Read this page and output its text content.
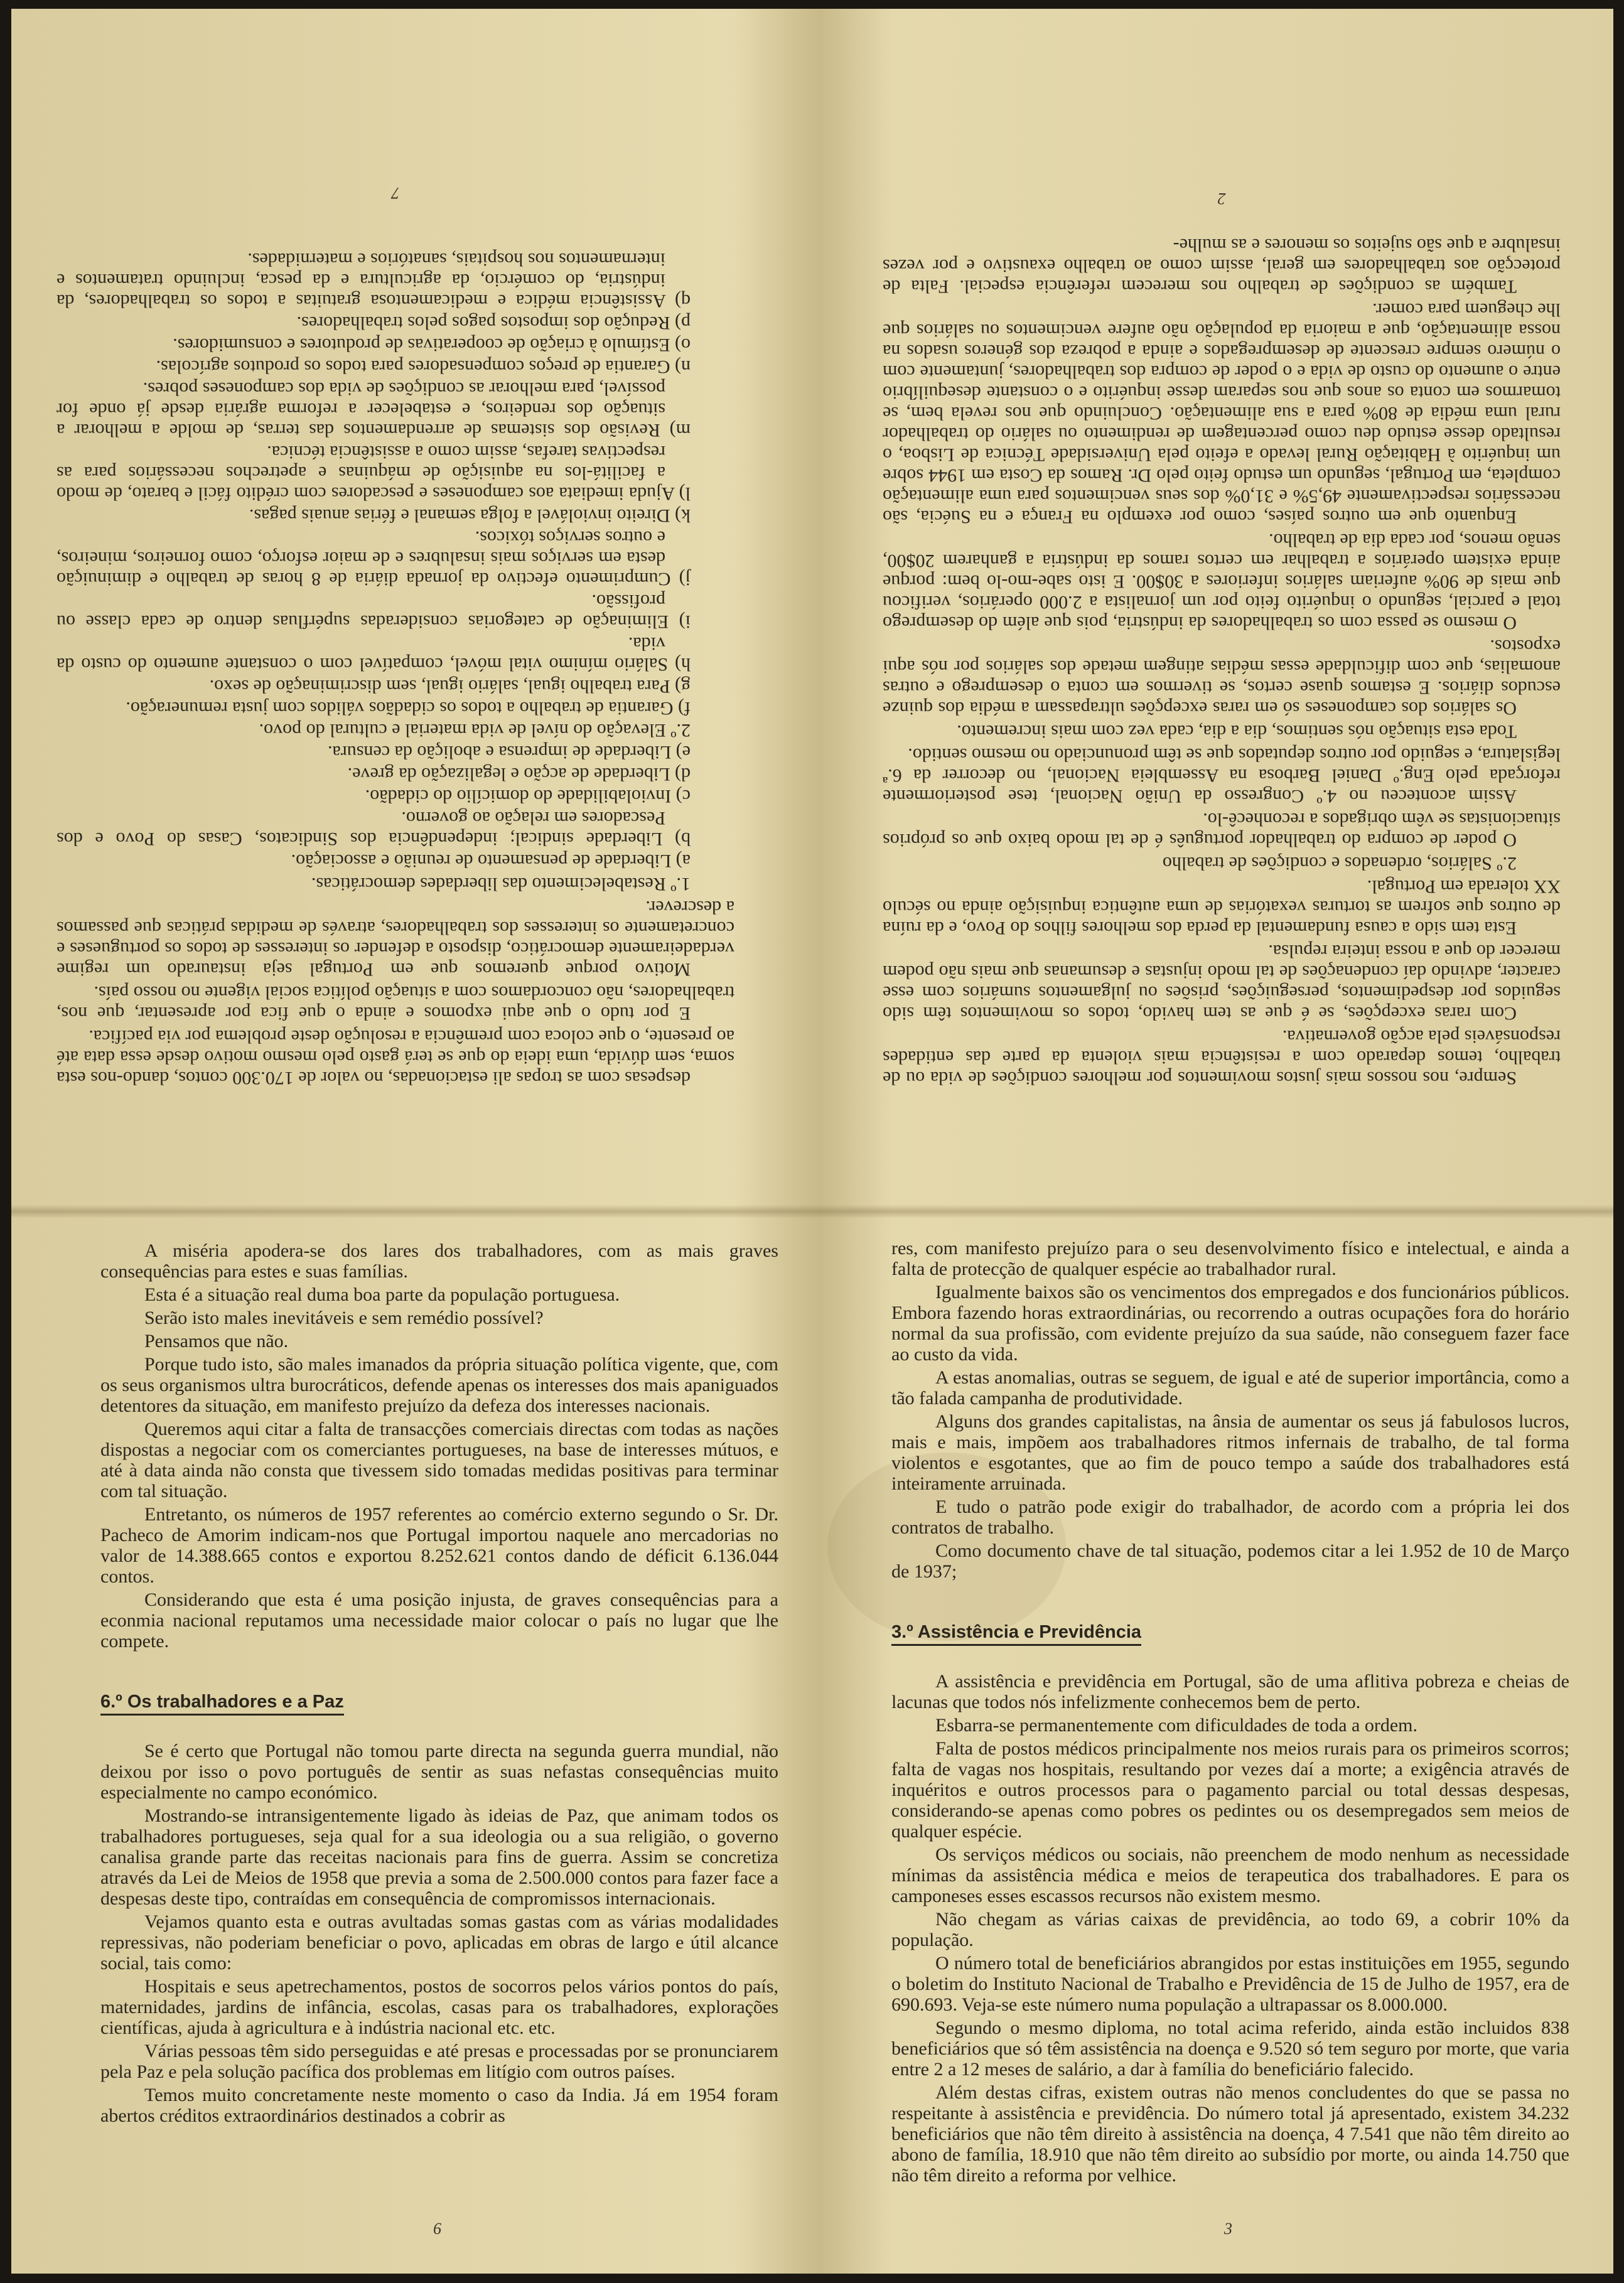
despesas com as tropas ali estacionadas, no valor de 170.300 contos, dando-nos esta soma, sem dúvida, uma ideia do que se terá gasto pelo mesmo motivo desde essa data até ao presente, o que coloca com premência a resolução deste problema por via pacífica.

E por tudo o que aqui expomos e ainda o que fica por apresentar, que nos, trabalhadores, não concordamos com a situação política social vigente no nosso país.

Motivo porque queremos que em Portugal seja instaurado um regime verdadeiramente democrático, disposto a defender os interesses de todos os portugueses e concretamente os interesses dos trabalhadores, através de medidas práticas que passamos a descrever.

1.º Restabelecimento das liberdades democráticas.

a) Liberdade de pensamento de reunião e associação.
b) Liberdade sindical; independência dos Sindicatos, Casas do Povo e dos Pescadores em relação ao governo.
c) Inviolabilidade do domicílio do cidadão.
d) Liberdade de acção e legalização da greve.
e) Liberdade de imprensa e abolição da censura.
2.º Elevação do nível de vida material e cultural do povo.
f) Garantia de trabalho a todos os cidadãos válidos com justa remuneração.
g) Para trabalho igual, salário igual, sem discriminação de sexo.
h) Salário mínimo vital móvel, compatível com o constante aumento do custo da vida.
i) Eliminação de categorias consideradas supérfluas dentro de cada classe ou profissão.
j) Cumprimento efectivo da jornada diária de 8 horas de trabalho e diminuição desta em serviços mais insalubres e de maior esforço, como forneiros, mineiros, e outros serviços tóxicos.
k) Direito inviolável a folga semanal e férias anuais pagas.
l) Ajuda imediata aos camponeses e pescadores com crédito fácil e barato, de modo a facilitá-los na aquisição de máquinas e apetrechos necessários para as respectivas tarefas, assim como a assistência técnica.
m) Revisão dos sistemas de arrendamentos das terras, de molde a melhorar a situação dos rendeiros, e estabelecer a reforma agrária desde já onde for possível, para melhorar as condições de vida dos camponeses pobres.
n) Garantia de preços compensadores para todos os produtos agrícolas.
o) Estímulo à criação de cooperativas de produtores e consumidores.
p) Redução dos impostos pagos pelos trabalhadores.
q) Assistência médica e medicamentosa gratuitas a todos os trabalhadores, da indústria, do comércio, da agricultura e da pesca, incluindo tratamentos e internamentos nos hospitais, sanatórios e maternidades.
7

Sempre, nos nossos mais justos movimentos por melhores condições de vida ou de trabalho, temos deparado com a resistência mais violenta da parte das entidades responsáveis pela acção governativa.

Com raras excepções, se é que as tem havido, todos os movimentos têm sido seguidos por despedimentos, perseguições, prisões ou julgamentos sumários com esse caracter, advindo daí condenações de tal modo injustas e desumanas que mais não podem merecer do que a nossa inteira repulsa.

Esta tem sido a causa fundamental da perda dos melhores filhos do Povo, e da ruína de outros que sofrem as torturas vexatórias de uma autêntica inquisição ainda no século XX tolerada em Portugal.

2.º Salários, ordenados e condições de trabalho

O poder de compra do trabalhador português é de tal modo baixo que os próprios situacionistas se vêm obrigados a reconhecê-lo.

Assim aconteceu no 4.º Congresso da União Nacional, tese posteriormente reforçada pelo Eng.º Daniel Barbosa na Assembleia Nacional, no decorrer da 6.ª legislatura, e seguido por outros deputados que se têm pronunciado no mesmo sentido.

Toda esta situação nós sentimos, dia a dia, cada vez com mais incremento.

Os salários dos camponeses só em raras excepções ultrapassam a média dos quinze escudos diários. E estamos quase certos, se tivermos em conta o desemprego e outras anomalias, que com dificuldade essas médias atingem metade dos salários por nós aqui expostos.

O mesmo se passa com os trabalhadores da indústria, pois que além do desemprego total e parcial, segundo o inquérito feito por um jornalista a 2.000 operários, verificou que mais de 90% auferiam salários inferiores a 30$00. E isto sabe-mo-lo bem: porque ainda existem operários a trabalhar em certos ramos da indústria a ganharem 20$00, senão menos, por cada dia de trabalho.

Enquanto que em outros países, como por exemplo na França e na Suécia, são necessários respectivamente 49,5% e 31,0% dos seus vencimentos para uma alimentação completa, em Portugal, segundo um estudo feito pelo Dr. Ramos da Costa em 1944 sobre um inquérito à Habitação Rural levado a efeito pela Universidade Técnica de Lisboa, o resultado desse estudo deu como percentagem de rendimento ou salário do trabalhador rural uma média de 80% para a sua alimentação. Concluindo que nos revela bem, se tomarmos em conta os anos que nos separam desse inquérito e o constante desequilíbrio entre o aumento do custo de vida e o poder de compra dos trabalhadores, juntamente com o número sempre crescente de desempregados e ainda a pobreza dos géneros usados na nossa alimentação, que a maioria da população não aufere vencimentos ou salários que lhe cheguem para comer.

Também as condições de trabalho nos merecem referência especial. Falta de protecção aos trabalhadores em geral, assim como ao trabalho exaustivo e por vezes insalubre a que são sujeitos os menores e as mulhe-

2

A miséria apodera-se dos lares dos trabalhadores, com as mais graves consequências para estes e suas famílias.

Esta é a situação real duma boa parte da população portuguesa.

Serão isto males inevitáveis e sem remédio possível?

Pensamos que não.

Porque tudo isto, são males imanados da própria situação política vigente, que, com os seus organismos ultra burocráticos, defende apenas os interesses dos mais apaniguados detentores da situação, em manifesto prejuízo da defeza dos interesses nacionais.

Queremos aqui citar a falta de transacções comerciais directas com todas as nações dispostas a negociar com os comerciantes portugueses, na base de interesses mútuos, e até à data ainda não consta que tivessem sido tomadas medidas positivas para terminar com tal situação.

Entretanto, os números de 1957 referentes ao comércio externo segundo o Sr. Dr. Pacheco de Amorim indicam-nos que Portugal importou naquele ano mercadorias no valor de 14.388.665 contos e exportou 8.252.621 contos dando de déficit 6.136.044 contos.

Considerando que esta é uma posição injusta, de graves consequências para a econmia nacional reputamos uma necessidade maior colocar o país no lugar que lhe compete.

6.º Os trabalhadores e a Paz

Se é certo que Portugal não tomou parte directa na segunda guerra mundial, não deixou por isso o povo português de sentir as suas nefastas consequências muito especialmente no campo económico.

Mostrando-se intransigentemente ligado às ideias de Paz, que animam todos os trabalhadores portugueses, seja qual for a sua ideologia ou a sua religião, o governo canalisa grande parte das receitas nacionais para fins de guerra. Assim se concretiza através da Lei de Meios de 1958 que previa a soma de 2.500.000 contos para fazer face a despesas deste tipo, contraídas em consequência de compromissos internacionais.

Vejamos quanto esta e outras avultadas somas gastas com as várias modalidades repressivas, não poderiam beneficiar o povo, aplicadas em obras de largo e útil alcance social, tais como:

Hospitais e seus apetrechamentos, postos de socorros pelos vários pontos do país, maternidades, jardins de infância, escolas, casas para os trabalhadores, explorações científicas, ajuda à agricultura e à indústria nacional etc. etc.

Várias pessoas têm sido perseguidas e até presas e processadas por se pronunciarem pela Paz e pela solução pacífica dos problemas em litígio com outros países.

Temos muito concretamente neste momento o caso da India. Já em 1954 foram abertos créditos extraordinários destinados a cobrir as

6

res, com manifesto prejuízo para o seu desenvolvimento físico e intelectual, e ainda a falta de protecção de qualquer espécie ao trabalhador rural.

Igualmente baixos são os vencimentos dos empregados e dos funcionários públicos. Embora fazendo horas extraordinárias, ou recorrendo a outras ocupações fora do horário normal da sua profissão, com evidente prejuízo da sua saúde, não conseguem fazer face ao custo da vida.

A estas anomalias, outras se seguem, de igual e até de superior importância, como a tão falada campanha de produtividade.

Alguns dos grandes capitalistas, na ânsia de aumentar os seus já fabulosos lucros, mais e mais, impõem aos trabalhadores ritmos infernais de trabalho, de tal forma violentos e esgotantes, que ao fim de pouco tempo a saúde dos trabalhadores está inteiramente arruinada.

E tudo o patrão pode exigir do trabalhador, de acordo com a própria lei dos contratos de trabalho.

Como documento chave de tal situação, podemos citar a lei 1.952 de 10 de Março de 1937;

3.º Assistência e Previdência

A assistência e previdência em Portugal, são de uma aflitiva pobreza e cheias de lacunas que todos nós infelizmente conhecemos bem de perto.

Esbarra-se permanentemente com dificuldades de toda a ordem.

Falta de postos médicos principalmente nos meios rurais para os primeiros scorros; falta de vagas nos hospitais, resultando por vezes daí a morte; a exigência através de inquéritos e outros processos para o pagamento parcial ou total dessas despesas, considerando-se apenas como pobres os pedintes ou os desempregados sem meios de qualquer espécie.

Os serviços médicos ou sociais, não preenchem de modo nenhum as necessidade mínimas da assistência médica e meios de terapeutica dos trabalhadores. E para os camponeses esses escassos recursos não existem mesmo.

Não chegam as várias caixas de previdência, ao todo 69, a cobrir 10% da população.

O número total de beneficiários abrangidos por estas instituições em 1955, segundo o boletim do Instituto Nacional de Trabalho e Previdência de 15 de Julho de 1957, era de 690.693. Veja-se este número numa população a ultrapassar os 8.000.000.

Segundo o mesmo diploma, no total acima referido, ainda estão incluidos 838 beneficiários que só têm assistência na doença e 9.520 só tem seguro por morte, que varia entre 2 a 12 meses de salário, a dar à família do beneficiário falecido.

Além destas cifras, existem outras não menos concludentes do que se passa no respeitante à assistência e previdência. Do número total já apresentado, existem 34.232 beneficiários que não têm direito à assistência na doença, 4 7.541 que não têm direito ao abono de família, 18.910 que não têm direito ao subsídio por morte, ou ainda 14.750 que não têm direito a reforma por velhice.

3
